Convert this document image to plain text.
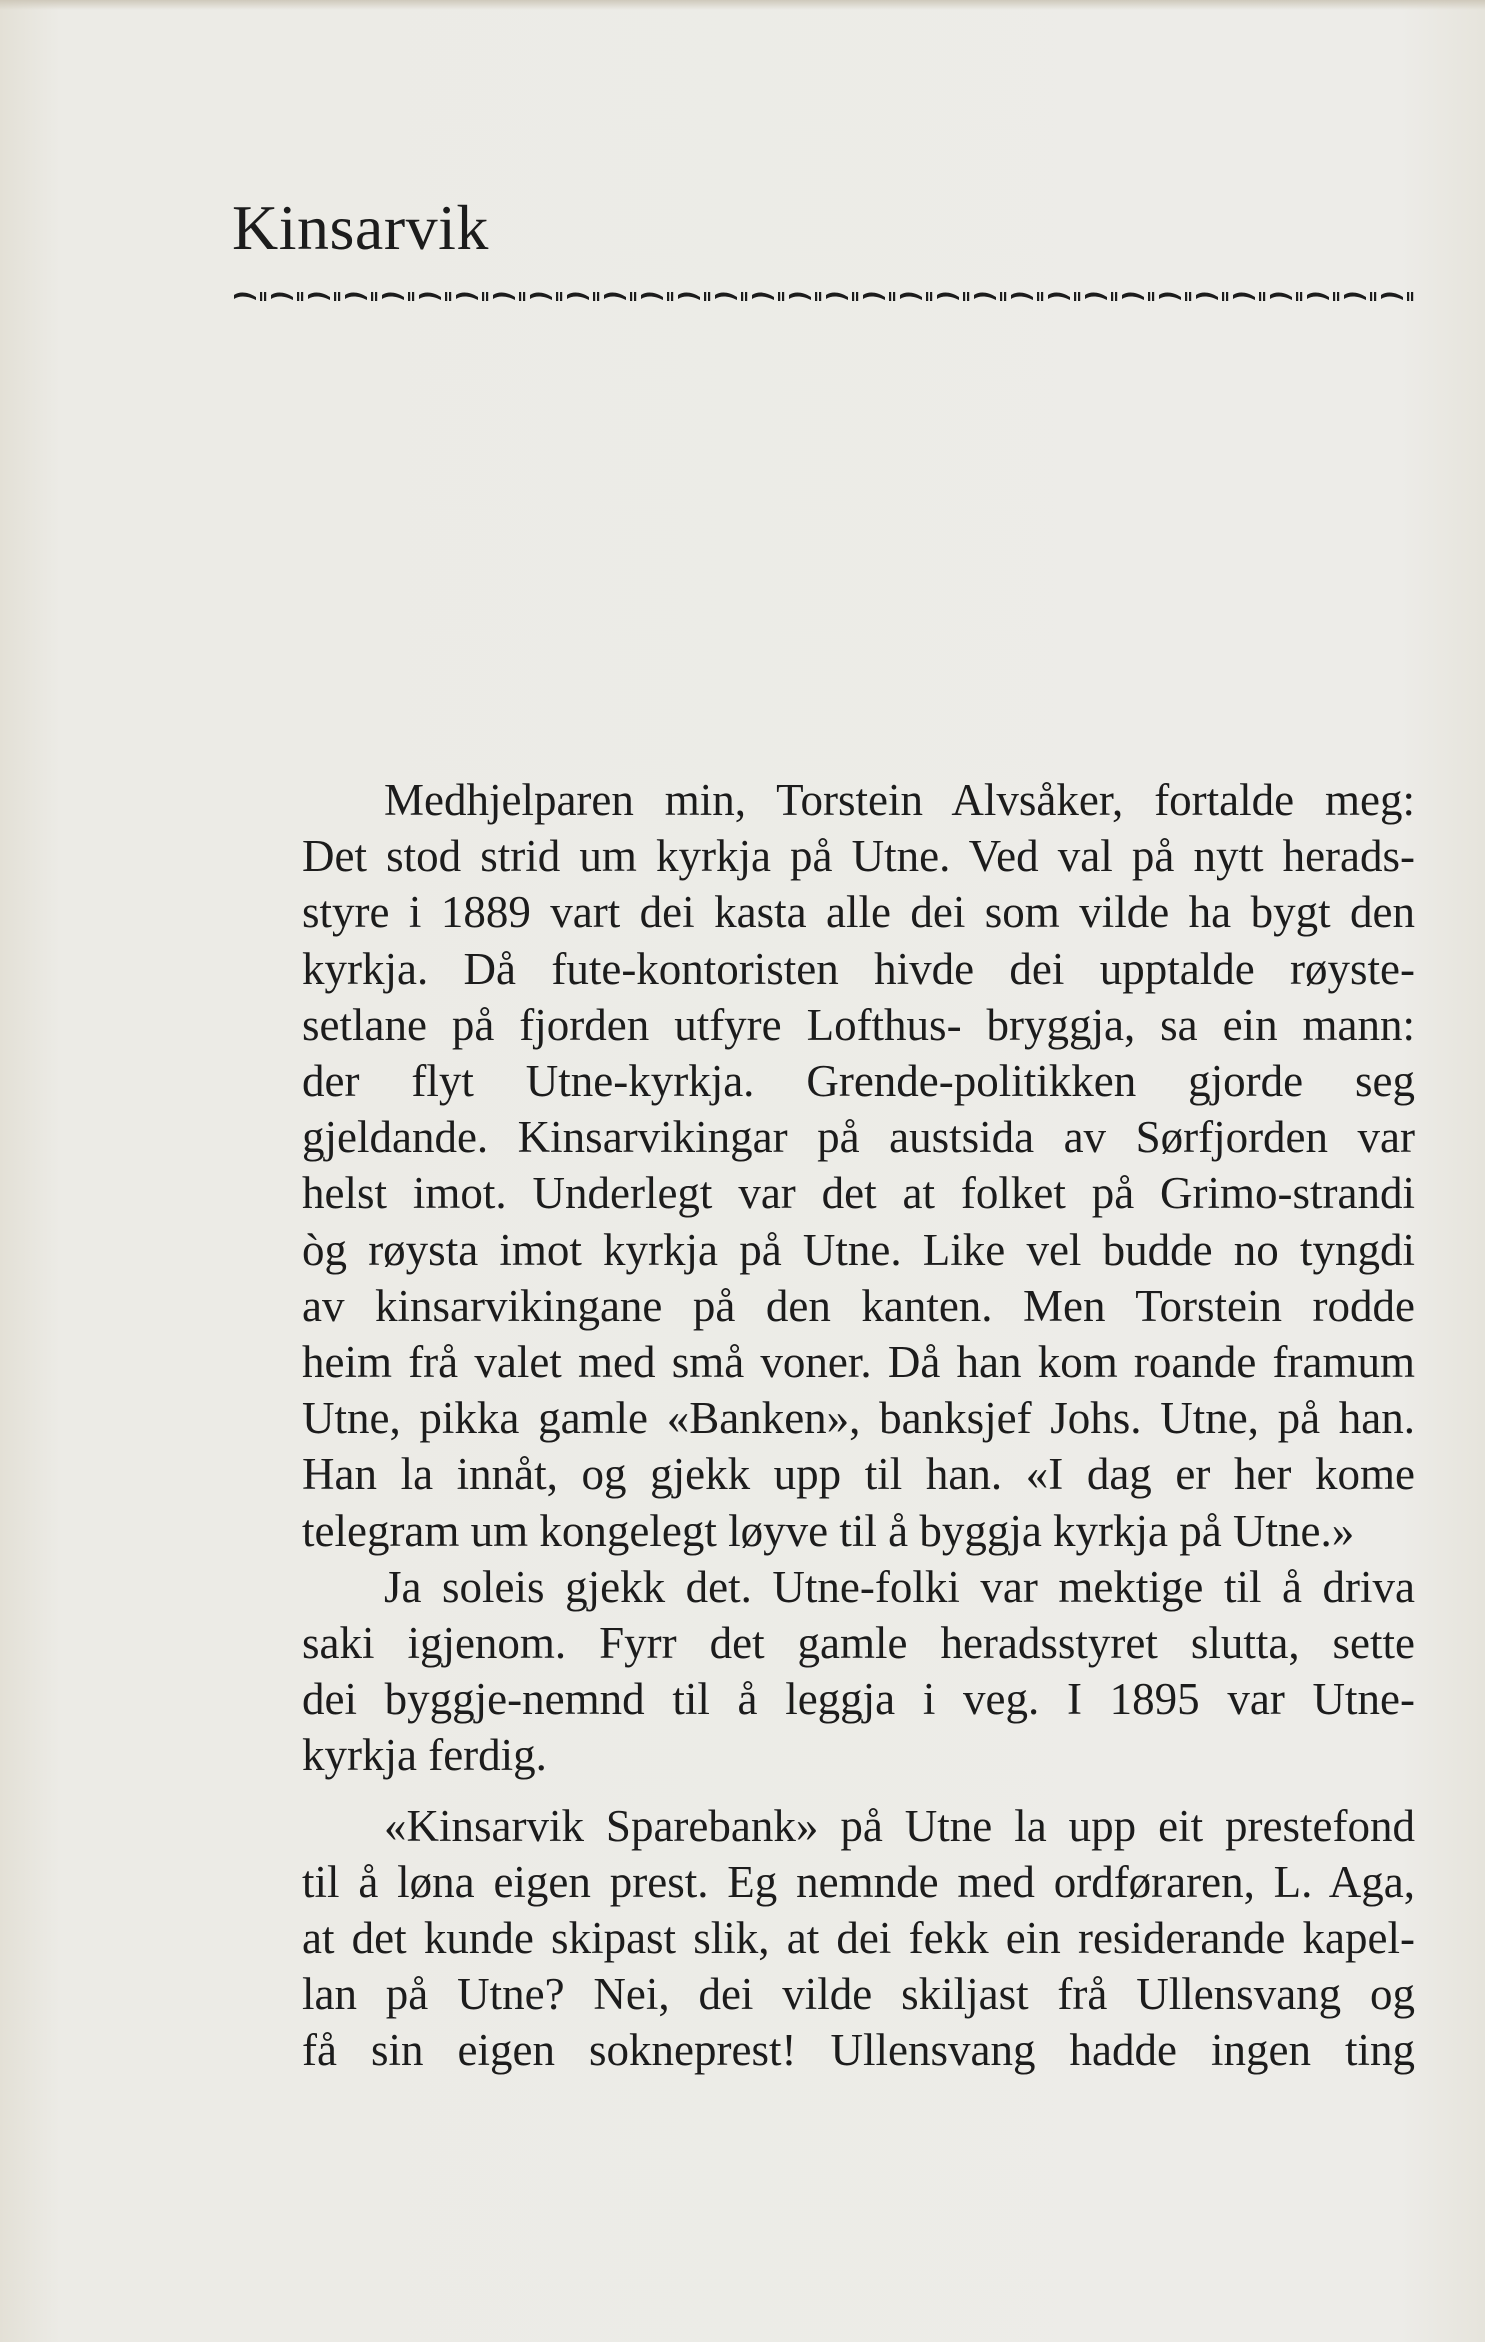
Kinsarvik

Medhjelparen min, Torstein Alvsåker, fortalde meg:
Det stod strid um kyrkja på Utne. Ved val på nytt herads-
styre i 1889 vart dei kasta alle dei som vilde ha bygt den
kyrkja. Då fute-kontoristen hivde dei upptalde røyste-
setlane på fjorden utfyre Lofthus- bryggja, sa ein mann:
der flyt Utne-kyrkja. Grende-politikken gjorde seg
gjeldande. Kinsarvikingar på austsida av Sørfjorden var
helst imot. Underlegt var det at folket på Grimo-strandi
òg røysta imot kyrkja på Utne. Like vel budde no tyngdi
av kinsarvikingane på den kanten. Men Torstein rodde
heim frå valet med små voner. Då han kom roande framum
Utne, pikka gamle «Banken», banksjef Johs. Utne, på han.
Han la innåt, og gjekk upp til han. «I dag er her kome
telegram um kongelegt løyve til å byggja kyrkja på Utne.»

Ja soleis gjekk det. Utne-folki var mektige til å driva
saki igjenom. Fyrr det gamle heradsstyret slutta, sette
dei byggje-nemnd til å leggja i veg. I 1895 var Utne-
kyrkja ferdig.

«Kinsarvik Sparebank» på Utne la upp eit prestefond
til å løna eigen prest. Eg nemnde med ordføraren, L. Aga,
at det kunde skipast slik, at dei fekk ein residerande kapel-
lan på Utne? Nei, dei vilde skiljast frå Ullensvang og
få sin eigen sokneprest! Ullensvang hadde ingen ting
